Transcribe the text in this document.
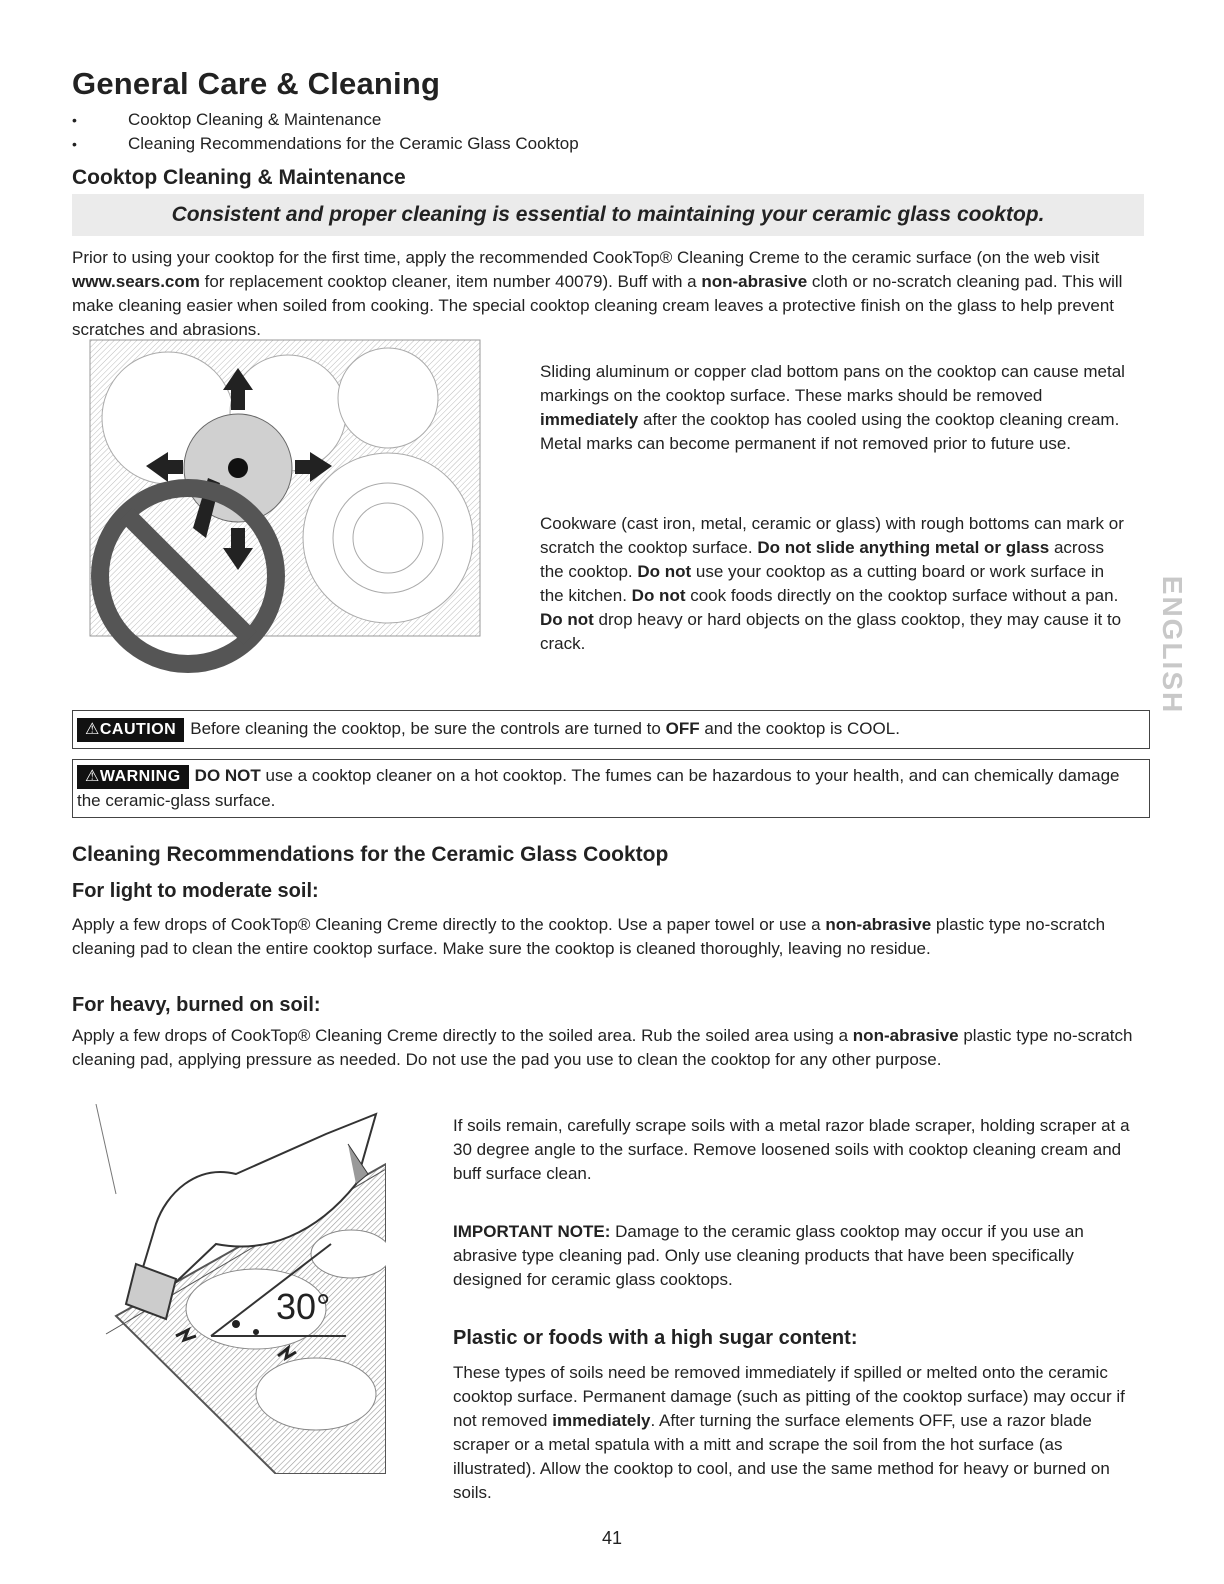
General Care & Cleaning
• Cooktop Cleaning & Maintenance
• Cleaning Recommendations for the Ceramic Glass Cooktop
Cooktop Cleaning & Maintenance
Consistent and proper cleaning is essential to maintaining your ceramic glass cooktop.
Prior to using your cooktop for the first time, apply the recommended CookTop® Cleaning Creme to the ceramic surface (on the web visit www.sears.com for replacement cooktop cleaner, item number 40079). Buff with a non-abrasive cloth or no-scratch cleaning pad. This will make cleaning easier when soiled from cooking. The special cooktop cleaning cream leaves a protective finish on the glass to help prevent scratches and abrasions.
Sliding aluminum or copper clad bottom pans on the cooktop can cause metal markings on the cooktop surface. These marks should be removed immediately after the cooktop has cooled using the cooktop cleaning cream. Metal marks can become permanent if not removed prior to future use.
Cookware (cast iron, metal, ceramic or glass) with rough bottoms can mark or scratch the cooktop surface. Do not slide anything metal or glass across the cooktop. Do not use your cooktop as a cutting board or work surface in the kitchen. Do not cook foods directly on the cooktop surface without a pan. Do not drop heavy or hard objects on the glass cooktop, they may cause it to crack.	ENGLISH
⚠CAUTION Before cleaning the cooktop, be sure the controls are turned to OFF and the cooktop is COOL.
⚠WARNING DO NOT use a cooktop cleaner on a hot cooktop. The fumes can be hazardous to your health, and can chemically damage the ceramic-glass surface.
Cleaning Recommendations for the Ceramic Glass Cooktop
For light to moderate soil:
Apply a few drops of CookTop® Cleaning Creme directly to the cooktop. Use a paper towel or use a non-abrasive plastic type no-scratch cleaning pad to clean the entire cooktop surface. Make sure the cooktop is cleaned thoroughly, leaving no residue.
For heavy, burned on soil:
Apply a few drops of CookTop® Cleaning Creme directly to the soiled area. Rub the soiled area using a non-abrasive plastic type no-scratch cleaning pad, applying pressure as needed. Do not use the pad you use to clean the cooktop for any other purpose.
30°
If soils remain, carefully scrape soils with a metal razor blade scraper, holding scraper at a 30 degree angle to the surface. Remove loosened soils with cooktop cleaning cream and buff surface clean.
IMPORTANT NOTE: Damage to the ceramic glass cooktop may occur if you use an abrasive type cleaning pad. Only use cleaning products that have been specifically designed for ceramic glass cooktops.
Plastic or foods with a high sugar content:
These types of soils need be removed immediately if spilled or melted onto the ceramic cooktop surface. Permanent damage (such as pitting of the cooktop surface) may occur if not removed immediately. After turning the surface elements OFF, use a razor blade scraper or a metal spatula with a mitt and scrape the soil from the hot surface (as illustrated). Allow the cooktop to cool, and use the same method for heavy or burned on soils.
41
